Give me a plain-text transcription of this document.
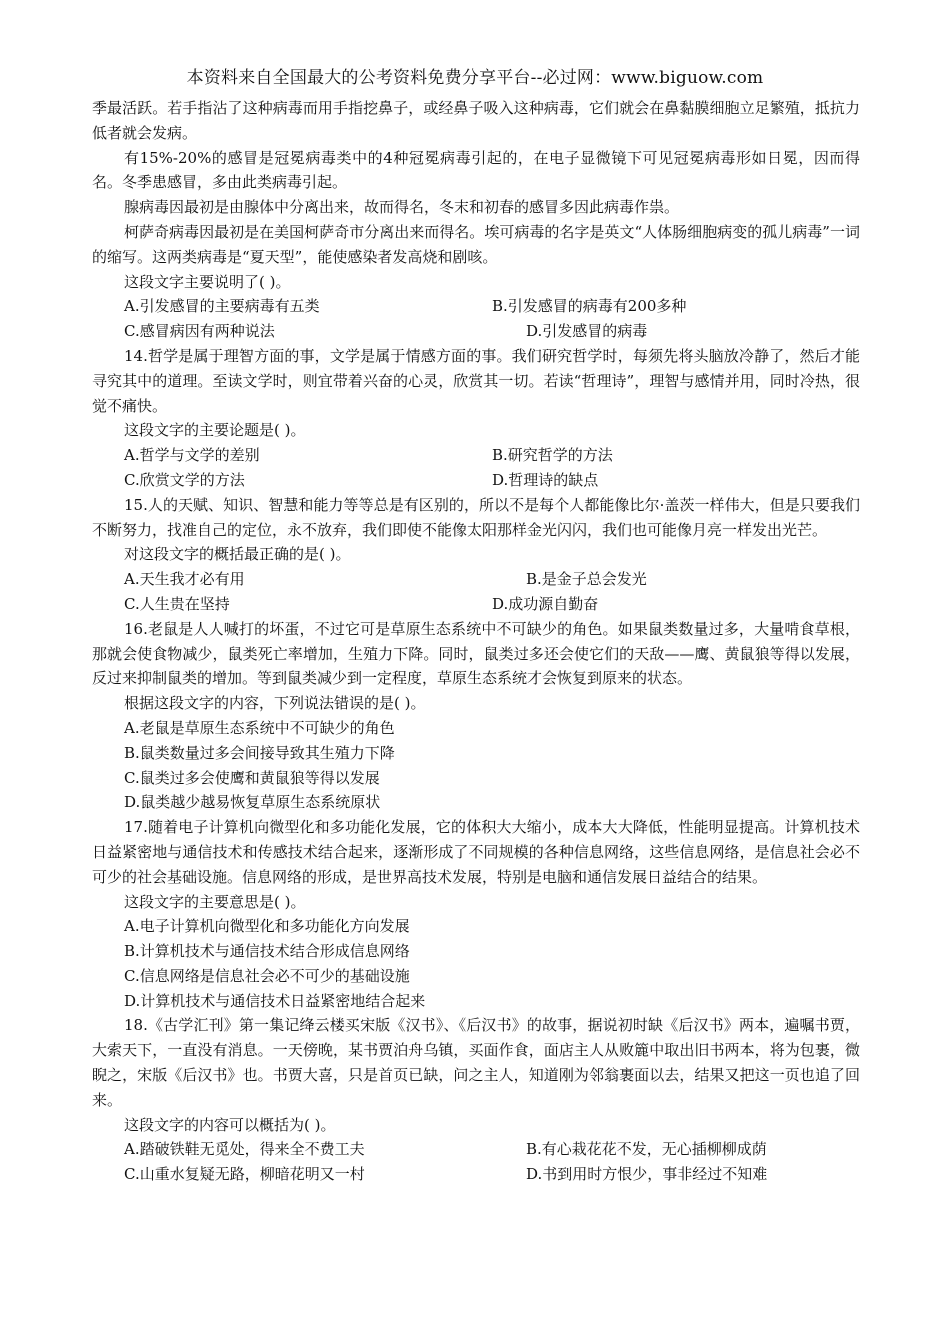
本资料来自全国最大的公考资料免费分享平台--必过网：www.biguow.com

季最活跃。若手指沾了这种病毒而用手指挖鼻子，或经鼻子吸入这种病毒，它们就会在鼻黏膜细胞立足繁殖，抵抗力低者就会发病。

有15%-20%的感冒是冠冕病毒类中的4种冠冕病毒引起的，在电子显微镜下可见冠冕病毒形如日冕，因而得名。冬季患感冒，多由此类病毒引起。

腺病毒因最初是由腺体中分离出来，故而得名，冬末和初春的感冒多因此病毒作祟。

柯萨奇病毒因最初是在美国柯萨奇市分离出来而得名。埃可病毒的名字是英文“人体肠细胞病变的孤儿病毒”一词的缩写。这两类病毒是“夏天型”，能使感染者发高烧和剧咳。

这段文字主要说明了( )。

A.引发感冒的主要病毒有五类	B.引发感冒的病毒有200多种
C.感冒病因有两种说法	D.引发感冒的病毒

14.哲学是属于理智方面的事，文学是属于情感方面的事。我们研究哲学时，每须先将头脑放冷静了，然后才能寻究其中的道理。至读文学时，则宜带着兴奋的心灵，欣赏其一切。若读“哲理诗”，理智与感情并用，同时冷热，很觉不痛快。

这段文字的主要论题是( )。

A.哲学与文学的差别	B.研究哲学的方法
C.欣赏文学的方法	D.哲理诗的缺点

15.人的天赋、知识、智慧和能力等等总是有区别的，所以不是每个人都能像比尔·盖茨一样伟大，但是只要我们不断努力，找准自己的定位，永不放弃，我们即使不能像太阳那样金光闪闪，我们也可能像月亮一样发出光芒。

对这段文字的概括最正确的是( )。

A.天生我才必有用	B.是金子总会发光
C.人生贵在坚持	D.成功源自勤奋

16.老鼠是人人喊打的坏蛋，不过它可是草原生态系统中不可缺少的角色。如果鼠类数量过多，大量啃食草根，那就会使食物减少，鼠类死亡率增加，生殖力下降。同时，鼠类过多还会使它们的天敌——鹰、黄鼠狼等得以发展，反过来抑制鼠类的增加。等到鼠类减少到一定程度，草原生态系统才会恢复到原来的状态。

根据这段文字的内容，下列说法错误的是( )。

A.老鼠是草原生态系统中不可缺少的角色
B.鼠类数量过多会间接导致其生殖力下降
C.鼠类过多会使鹰和黄鼠狼等得以发展
D.鼠类越少越易恢复草原生态系统原状

17.随着电子计算机向微型化和多功能化发展，它的体积大大缩小，成本大大降低，性能明显提高。计算机技术日益紧密地与通信技术和传感技术结合起来，逐渐形成了不同规模的各种信息网络，这些信息网络，是信息社会必不可少的社会基础设施。信息网络的形成，是世界高技术发展，特别是电脑和通信发展日益结合的结果。

这段文字的主要意思是( )。

A.电子计算机向微型化和多功能化方向发展
B.计算机技术与通信技术结合形成信息网络
C.信息网络是信息社会必不可少的基础设施
D.计算机技术与通信技术日益紧密地结合起来

18.《古学汇刊》第一集记绛云楼买宋版《汉书》、《后汉书》的故事，据说初时缺《后汉书》两本，遍嘱书贾，大索天下，一直没有消息。一天傍晚，某书贾泊舟乌镇，买面作食，面店主人从败簏中取出旧书两本，将为包裹，微睨之，宋版《后汉书》也。书贾大喜，只是首页已缺，问之主人，知道刚为邻翁裹面以去，结果又把这一页也追了回来。

这段文字的内容可以概括为( )。

A.踏破铁鞋无觅处，得来全不费工夫	B.有心栽花花不发，无心插柳柳成荫
C.山重水复疑无路，柳暗花明又一村	D.书到用时方恨少，事非经过不知难
